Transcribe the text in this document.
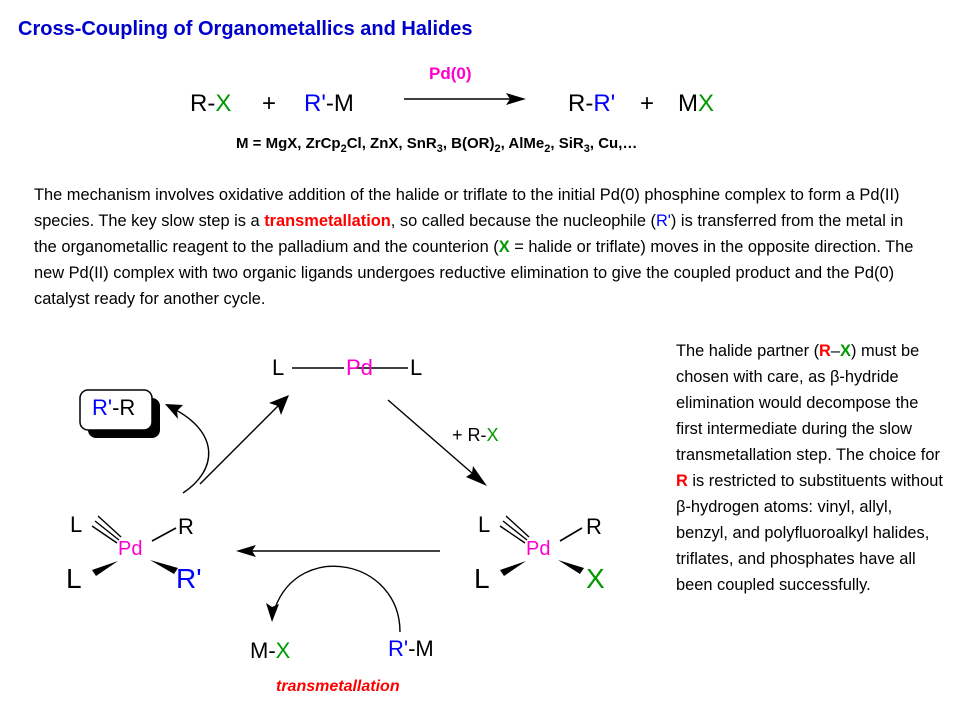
Cross-Coupling of Organometallics and Halides
R-X + R'-M
Pd(0)
R-R' + MX
M = MgX, ZrCp$_2$Cl, ZnX, SnR$_3$, $B(OR)_2$, AlMe$_2$, SiR$_3$, Cu,…
The mechanism involves oxidative addition of the halide or triflate to the initial Pd(0) phosphine complex to form a Pd(II) species. The key slow step is a transmetallation, so called because the nucleophile (R') is transferred from the metal in the organometallic reagent to the palladium and the counterion (X = halide or triflate) moves in the opposite direction. The new Pd(II) complex with two organic ligands undergoes reductive elimination to give the coupled product and the Pd(0) catalyst ready for another cycle.
The halide partner (R–X) must be chosen with care, as β-hydride elimination would decompose the first intermediate during the slow transmetallation step. The choice for R is restricted to substituents without β-hydrogen atoms: vinyl, allyl, benzyl, and polyfluoroalkyl halides, triflates, and phosphates have all been coupled successfully.
L	Pd L
R'-R
+ R-X
L	R
Pd
L	R'
L	R
Pd
L	X
M-X	R'-M
transmetallation
